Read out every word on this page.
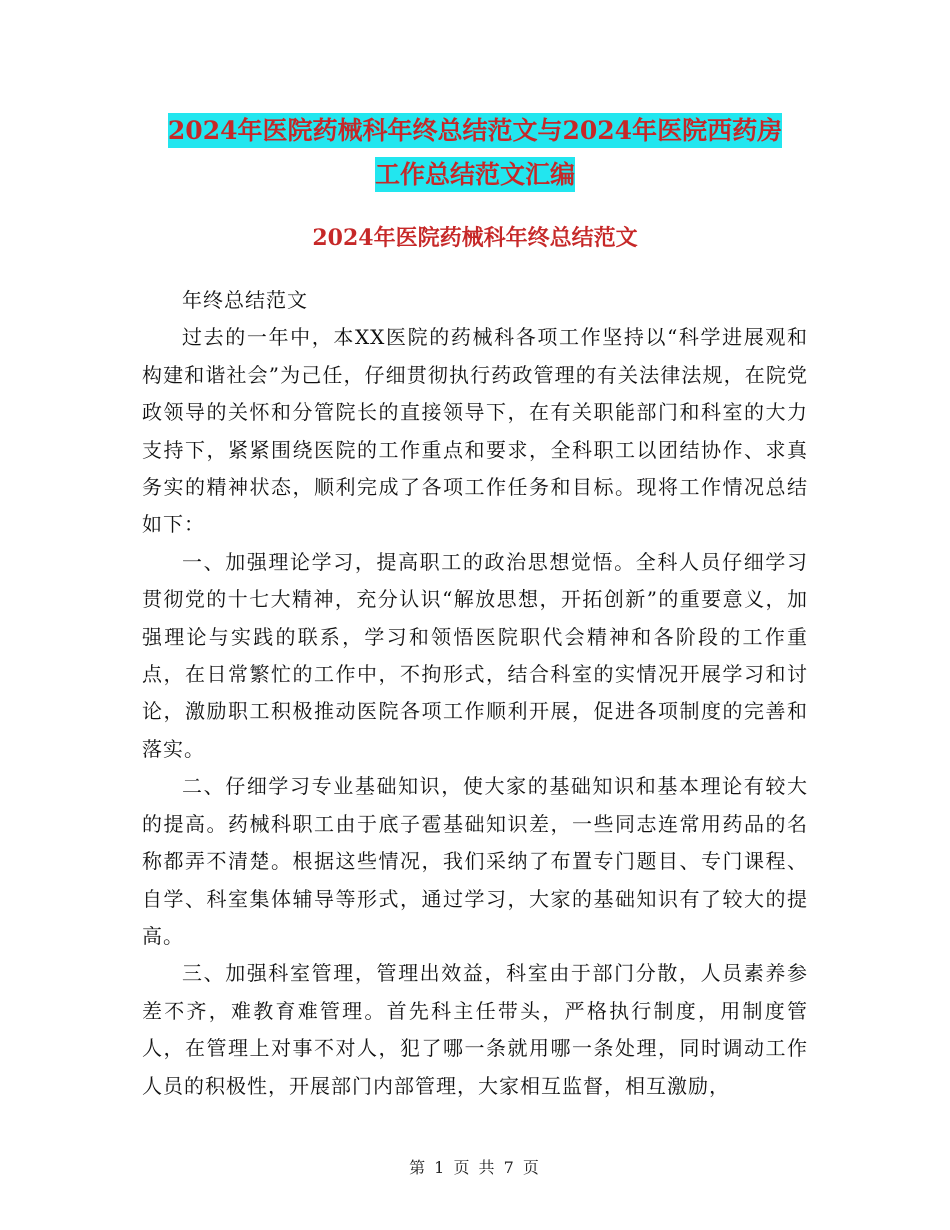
2024年医院药械科年终总结范文与2024年医院西药房
工作总结范文汇编
2024年医院药械科年终总结范文

年终总结范文

过去的一年中，本XX医院的药械科各项工作坚持以“科学进展观和构建和谐社会”为己任，仔细贯彻执行药政管理的有关法律法规，在院党政领导的关怀和分管院长的直接领导下，在有关职能部门和科室的大力支持下，紧紧围绕医院的工作重点和要求，全科职工以团结协作、求真务实的精神状态，顺利完成了各项工作任务和目标。现将工作情况总结如下：

一、加强理论学习，提高职工的政治思想觉悟。全科人员仔细学习贯彻党的十七大精神，充分认识“解放思想，开拓创新”的重要意义，加强理论与实践的联系，学习和领悟医院职代会精神和各阶段的工作重点，在日常繁忙的工作中，不拘形式，结合科室的实情况开展学习和讨论，激励职工积极推动医院各项工作顺利开展，促进各项制度的完善和落实。

二、仔细学习专业基础知识，使大家的基础知识和基本理论有较大的提高。药械科职工由于底子雹基础知识差，一些同志连常用药品的名称都弄不清楚。根据这些情况，我们采纳了布置专门题目、专门课程、自学、科室集体辅导等形式，通过学习，大家的基础知识有了较大的提高。

三、加强科室管理，管理出效益，科室由于部门分散，人员素养参差不齐，难教育难管理。首先科主任带头，严格执行制度，用制度管人，在管理上对事不对人，犯了哪一条就用哪一条处理，同时调动工作人员的积极性，开展部门内部管理，大家相互监督，相互激励，

第 1 页 共 7 页
